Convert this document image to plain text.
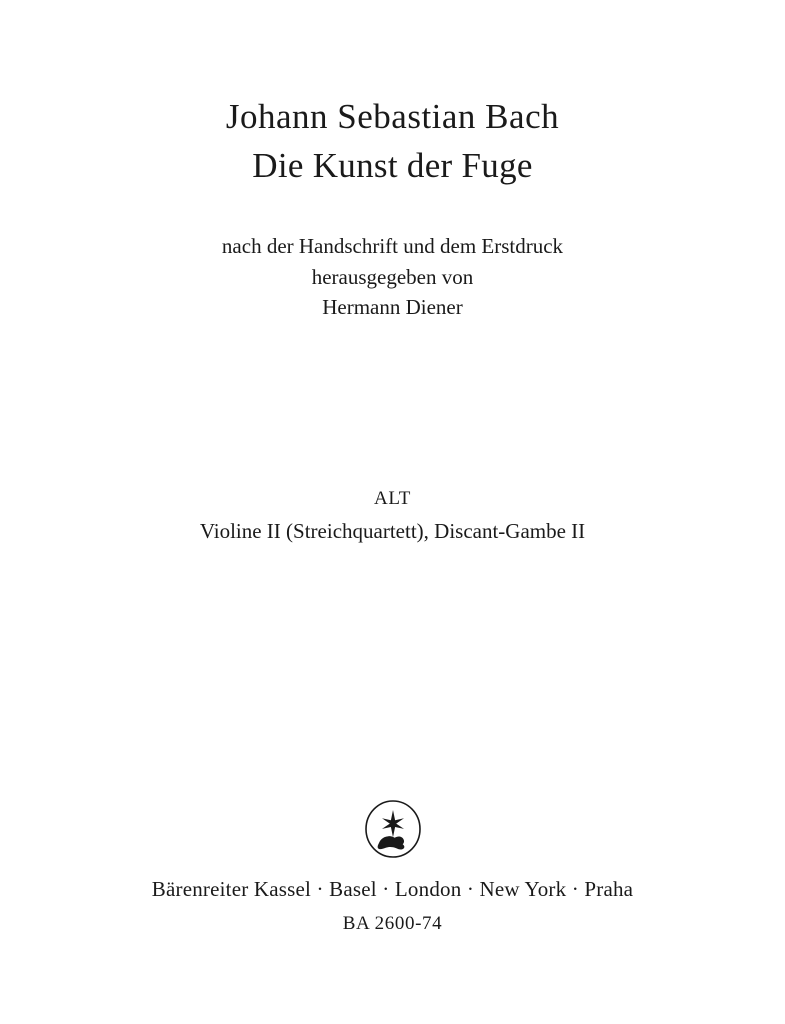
Johann Sebastian Bach
Die Kunst der Fuge
nach der Handschrift und dem Erstdruck
herausgegeben von
Hermann Diener
ALT
Violine II (Streichquartett), Discant-Gambe II
Bärenreiter Kassel · Basel · London · New York · Praha
BA 2600-74
